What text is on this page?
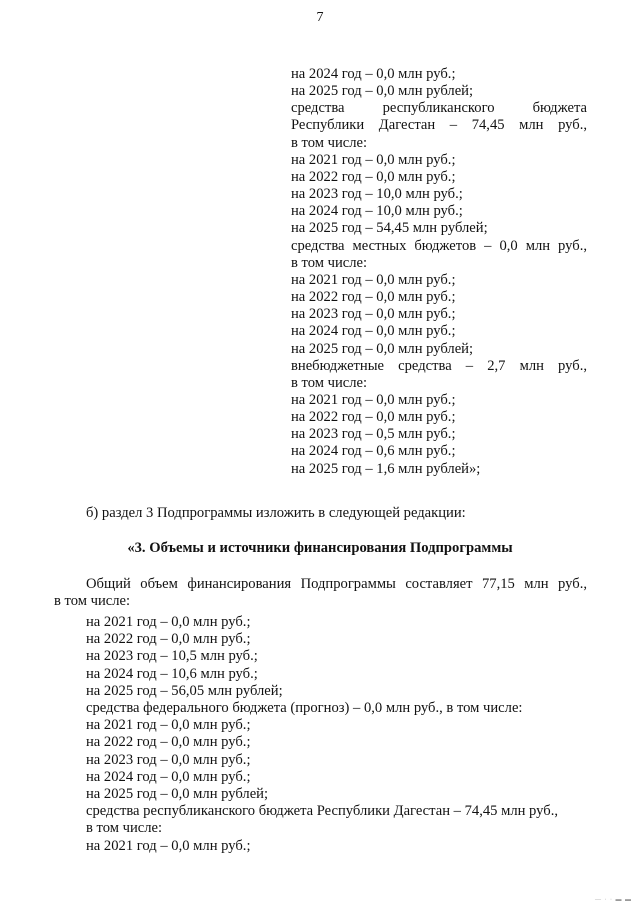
7
на 2024 год – 0,0 млн руб.;
на 2025 год – 0,0 млн рублей;
средства республиканского бюджета
Республики Дагестан – 74,45 млн руб.,
в том числе:
на 2021 год – 0,0 млн руб.;
на 2022 год – 0,0 млн руб.;
на 2023 год – 10,0 млн руб.;
на 2024 год – 10,0 млн руб.;
на 2025 год – 54,45 млн рублей;
средства местных бюджетов – 0,0 млн руб.,
в том числе:
на 2021 год – 0,0 млн руб.;
на 2022 год – 0,0 млн руб.;
на 2023 год – 0,0 млн руб.;
на 2024 год – 0,0 млн руб.;
на 2025 год – 0,0 млн рублей;
внебюджетные средства – 2,7 млн руб.,
в том числе:
на 2021 год – 0,0 млн руб.;
на 2022 год – 0,0 млн руб.;
на 2023 год – 0,5 млн руб.;
на 2024 год – 0,6 млн руб.;
на 2025 год – 1,6 млн рублей»;
б) раздел 3 Подпрограммы изложить в следующей редакции:
«3. Объемы и источники финансирования Подпрограммы
Общий объем финансирования Подпрограммы составляет 77,15 млн руб.,
в том числе:
на 2021 год – 0,0 млн руб.;
на 2022 год – 0,0 млн руб.;
на 2023 год – 10,5 млн руб.;
на 2024 год – 10,6 млн руб.;
на 2025 год – 56,05 млн рублей;
средства федерального бюджета (прогноз) – 0,0 млн руб., в том числе:
на 2021 год – 0,0 млн руб.;
на 2022 год – 0,0 млн руб.;
на 2023 год – 0,0 млн руб.;
на 2024 год – 0,0 млн руб.;
на 2025 год – 0,0 млн рублей;
средства республиканского бюджета Республики Дагестан – 74,45 млн руб.,
в том числе:
на 2021 год – 0,0 млн руб.;
— · · ▬ ▬
